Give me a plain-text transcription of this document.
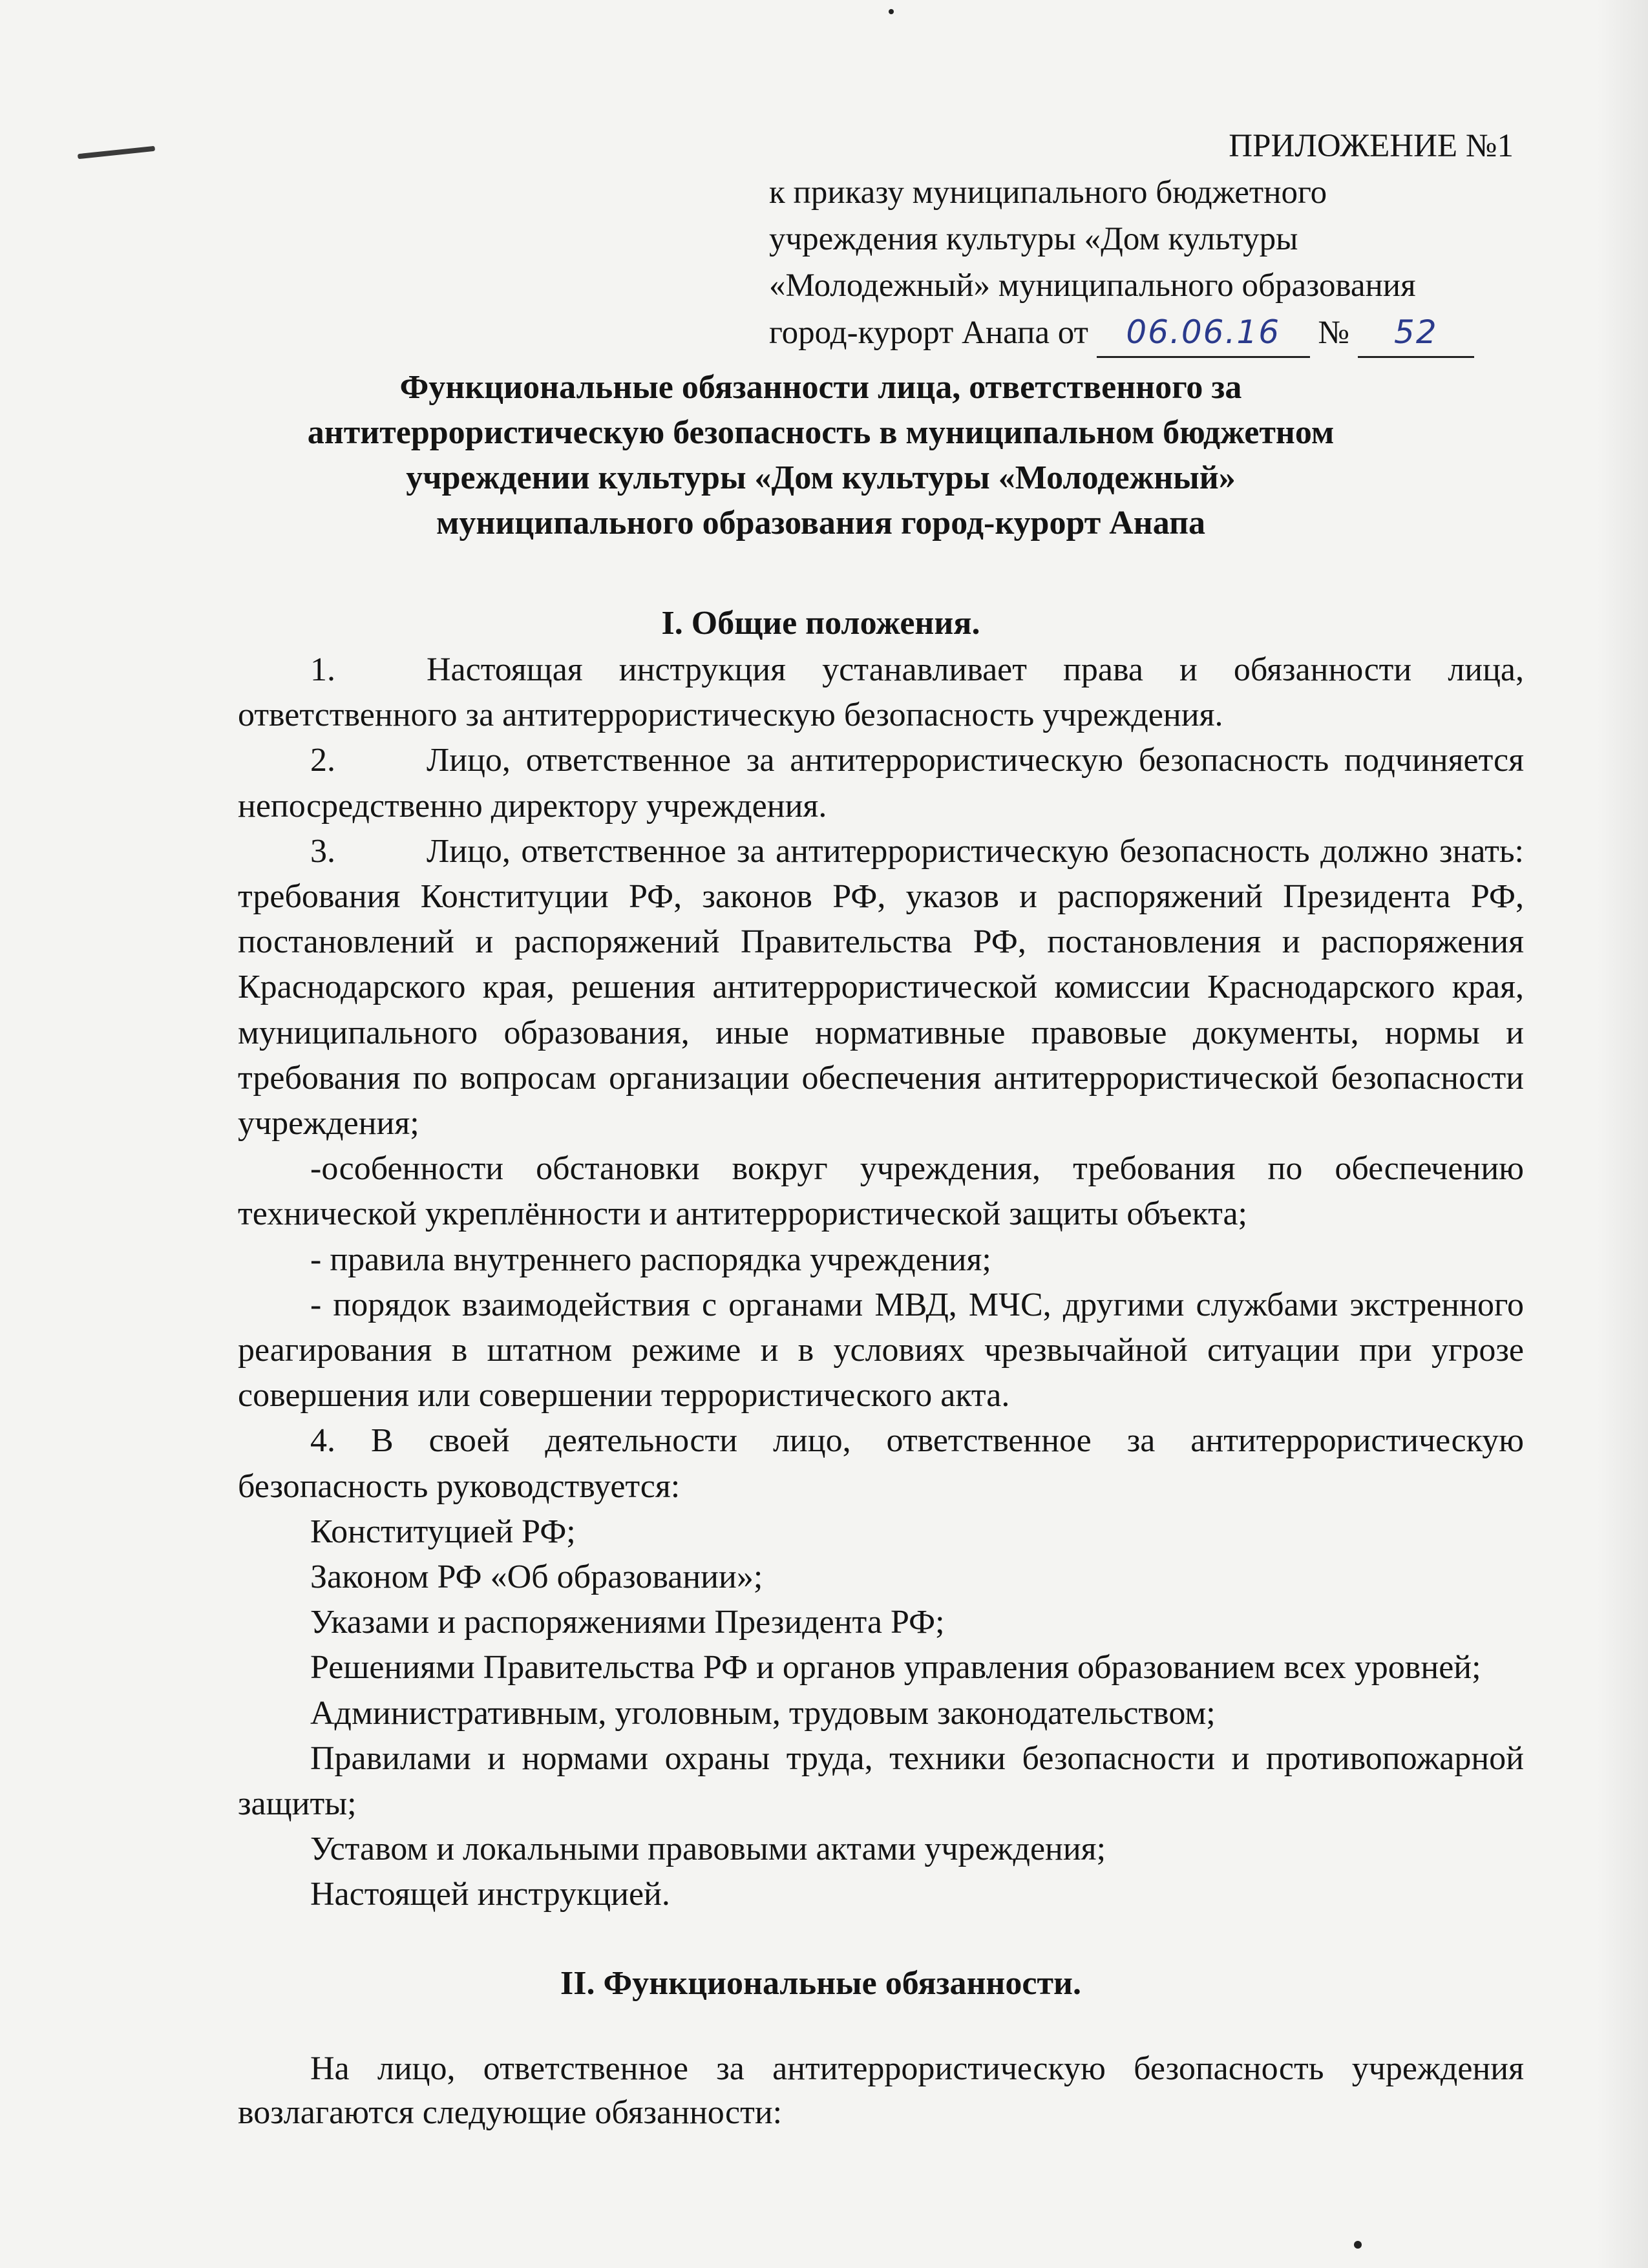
ПРИЛОЖЕНИЕ №1
к приказу муниципального бюджетного
учреждения культуры «Дом культуры
«Молодежный» муниципального образования
город-курорт Анапа от 06.06.16 № 52
Функциональные обязанности лица, ответственного за
антитеррористическую безопасность в муниципальном бюджетном
учреждении культуры «Дом культуры «Молодежный»
муниципального образования город-курорт Анапа
I. Общие положения.

1.	Настоящая инструкция устанавливает права и обязанности лица, ответственного за антитеррористическую безопасность учреждения.

2.	Лицо, ответственное за антитеррористическую безопасность подчиняется непосредственно директору учреждения.

3.	Лицо, ответственное за антитеррористическую безопасность должно знать: требования Конституции РФ, законов РФ, указов и распоряжений Президента РФ, постановлений и распоряжений Правительства РФ, постановления и распоряжения Краснодарского края, решения антитеррористической комиссии Краснодарского края, муниципального образования, иные нормативные правовые документы, нормы и требования по вопросам организации обеспечения антитеррористической безопасности учреждения;

-особенности обстановки вокруг учреждения, требования по обеспечению технической укреплённости и антитеррористической защиты объекта;

- правила внутреннего распорядка учреждения;

- порядок взаимодействия с органами МВД, МЧС, другими службами экстренного реагирования в штатном режиме и в условиях чрезвычайной ситуации при угрозе совершения или совершении террористического акта.

4. В своей деятельности лицо, ответственное за антитеррористическую безопасность руководствуется:

Конституцией РФ;

Законом РФ «Об образовании»;

Указами и распоряжениями Президента РФ;

Решениями Правительства РФ и органов управления образованием всех уровней;

Административным, уголовным, трудовым законодательством;

Правилами и нормами охраны труда, техники безопасности и противопожарной защиты;

Уставом и локальными правовыми актами учреждения;

Настоящей инструкцией.

II. Функциональные обязанности.

На лицо, ответственное за антитеррористическую безопасность учреждения возлагаются следующие обязанности:
